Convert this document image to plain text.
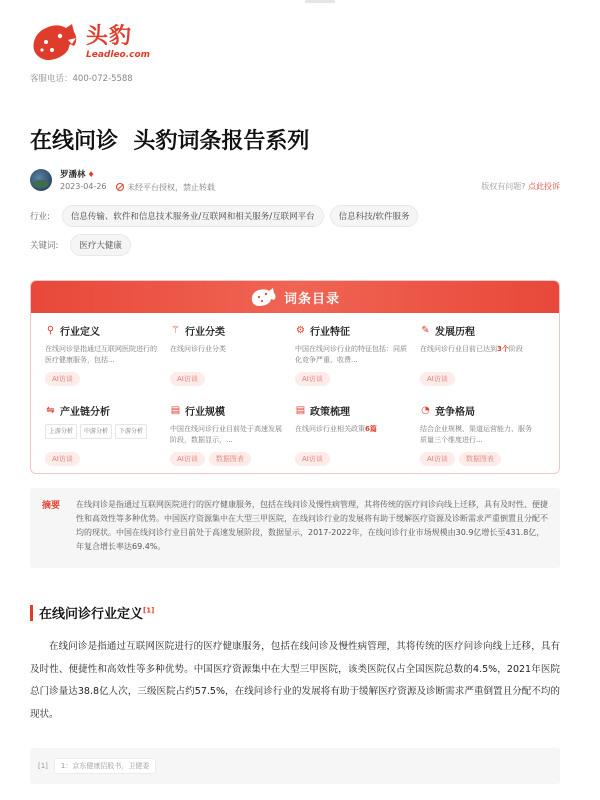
头豹
Leadleo.com
客服电话：400-072-5588
在线问诊  头豹词条报告系列
罗潘林 ♦
2023-04-26	未经平台授权，禁止转载	版权有问题? 点此投诉
行业:	信息传输、软件和信息技术服务业/互联网和相关服务/互联网平台	信息科技/软件服务
关键词:	医疗大健康
词条目录
⚲ 行业定义
在线问诊是指通过互联网医院进行的医疗健康服务，包括...
AI访谈
⚚ 行业分类
在线问诊行业分类
AI访谈
⚙ 行业特征
中国在线问诊行业的特征包括：同质化竞争严重、收费...
AI访谈
✎ 发展历程
在线问诊行业目前已达到3个阶段
AI访谈
⇋ 产业链分析
上游分析	中游分析	下游分析
AI访谈
▤ 行业规模
中国在线问诊行业目前处于高速发展阶段，数据显示，...
AI访谈	数据图表
▤ 政策梳理
在线问诊行业相关政策6篇
AI访谈
◔ 竞争格局
结合企业规模、渠道运营能力、服务质量三个维度进行...
AI访谈	数据图表
摘要	在线问诊是指通过互联网医院进行的医疗健康服务，包括在线问诊及慢性病管理，其将传统的医疗问诊向线上迁移，具有及时性、便捷性和高效性等多种优势。中国医疗资源集中在大型三甲医院，在线问诊行业的发展将有助于缓解医疗资源及诊断需求严重倒置且分配不均的现状。中国在线问诊行业目前处于高速发展阶段，数据显示，2017-2022年，在线问诊行业市场规模由30.9亿增长至431.8亿，年复合增长率达69.4%。

在线问诊行业定义[1]

在线问诊是指通过互联网医院进行的医疗健康服务，包括在线问诊及慢性病管理，其将传统的医疗问诊向线上迁移，具有及时性、便捷性和高效性等多种优势。中国医疗资源集中在大型三甲医院，该类医院仅占全国医院总数的4.5%，2021年医院总门诊量达38.8亿人次，三级医院占约57.5%，在线问诊行业的发展将有助于缓解医疗资源及诊断需求严重倒置且分配不均的现状。

[1]	1：京东健康招股书，卫健委
